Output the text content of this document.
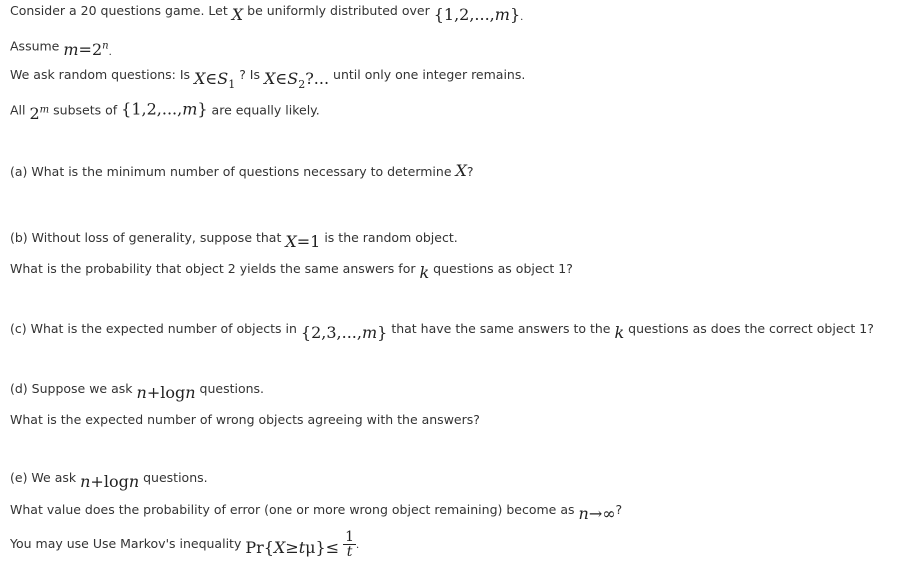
Consider a 20 questions game. Let X be uniformly distributed over {1,2,...,m}.
Assume $m=2^n$.
We ask random questions: Is $X\in S_1$ ? Is $X\in S_2$?... until only one integer remains.
All 2$^m$ subsets of {1,2,...,m} are equally likely.
(a) What is the minimum number of questions necessary to determine X?
(b) Without loss of generality, suppose that X=1 is the random object.
What is the probability that object 2 yields the same answers for k questions as object 1?
(c) What is the expected number of objects in {2,3,...,m} that have the same answers to the k questions as does the correct object 1?
(d) Suppose we ask n+logn questions.
What is the expected number of wrong objects agreeing with the answers?
(e) We ask n+logn questions.
What value does the probability of error (one or more wrong object remaining) become as n→∞?
You may use Use Markov's inequality $Pr\{X\ge t\mu\}\le \frac{1}{t}$ .
